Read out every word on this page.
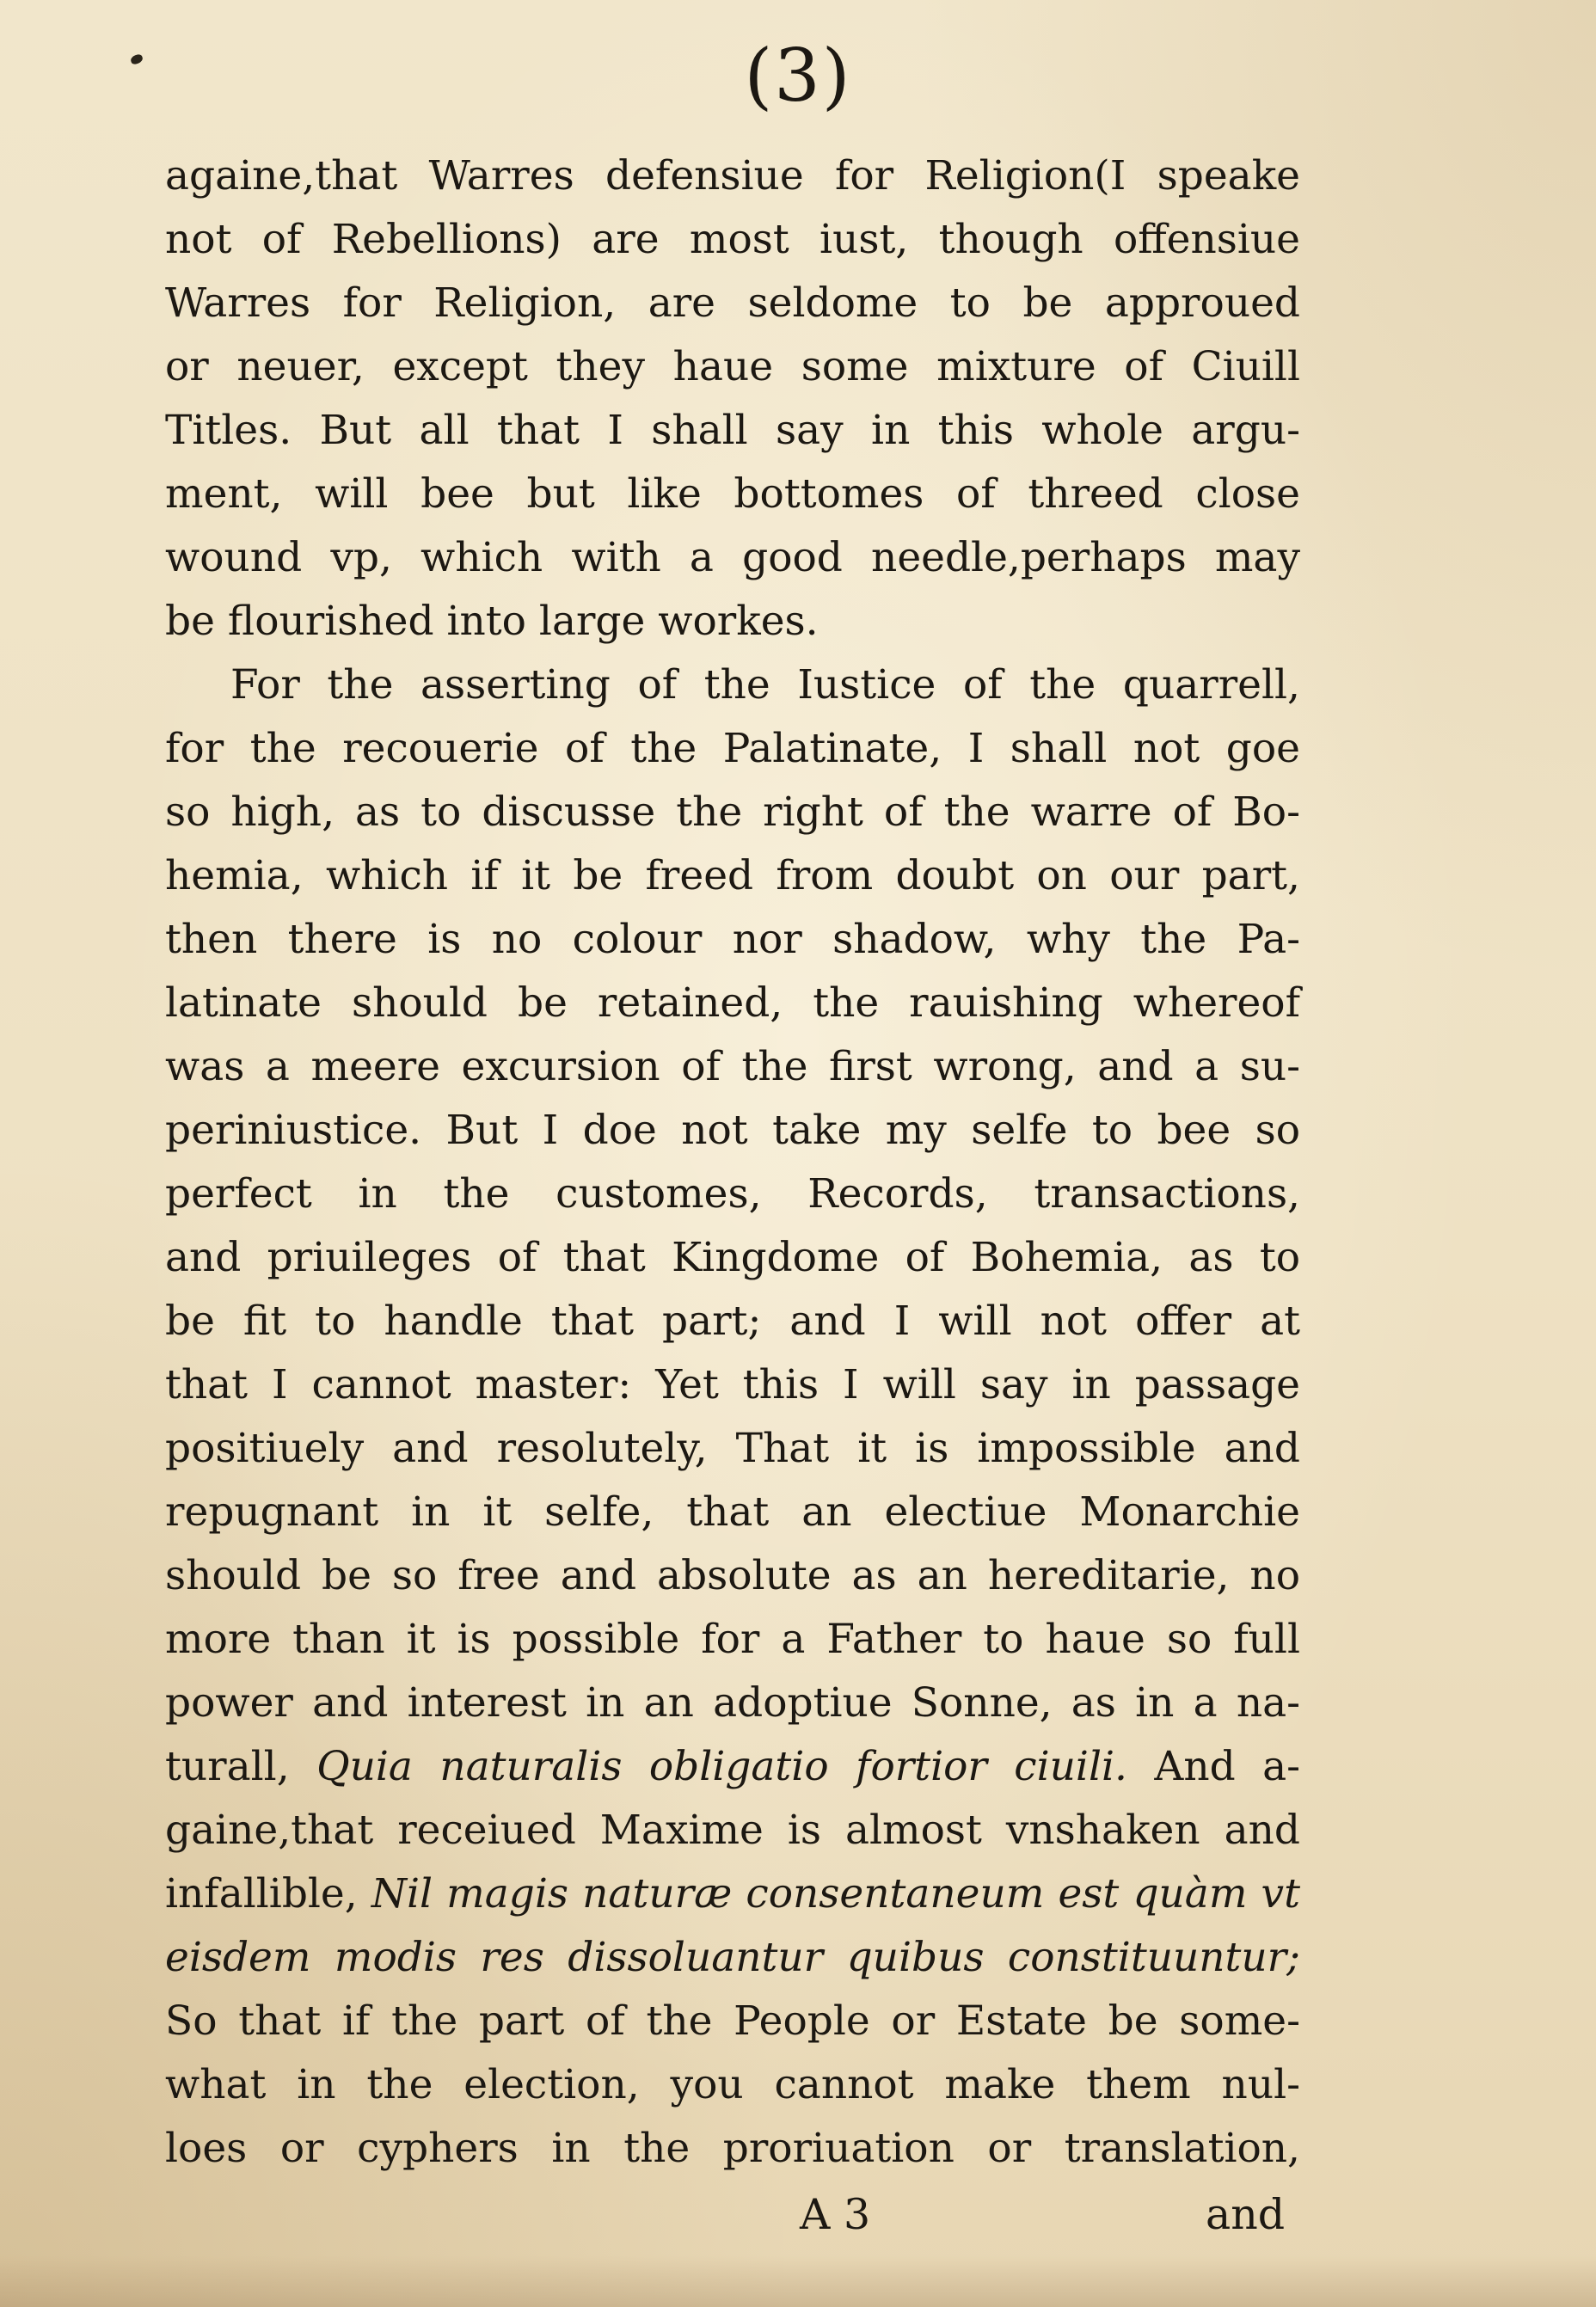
(3)
againe,that Warres defensiue for Religion(I speake
not of Rebellions) are most iust, though offensiue
Warres for Religion, are seldome to be approued
or neuer, except they haue some mixture of Ciuill
Titles. But all that I shall say in this whole argu-
ment, will bee but like bottomes of threed close
wound vp, which with a good needle,perhaps may
be flourished into large workes.
For the asserting of the Iustice of the quarrell,
for the recouerie of the Palatinate, I shall not goe
so high, as to discusse the right of the warre of Bo-
hemia, which if it be freed from doubt on our part,
then there is no colour nor shadow, why the Pa-
latinate should be retained, the rauishing whereof
was a meere excursion of the first wrong, and a su-
periniustice. But I doe not take my selfe to bee so
perfect in the customes, Records, transactions,
and priuileges of that Kingdome of Bohemia, as to
be fit to handle that part; and I will not offer at
that I cannot master: Yet this I will say in passage
positiuely and resolutely, That it is impossible and
repugnant in it selfe, that an electiue Monarchie
should be so free and absolute as an hereditarie, no
more than it is possible for a Father to haue so full
power and interest in an adoptiue Sonne, as in a na-
turall, Quia naturalis obligatio fortior ciuili. And a-
gaine,that receiued Maxime is almost vnshaken and
infallible, Nil magis naturæ consentaneum est quàm vt
eisdem modis res dissoluantur quibus constituuntur;
So that if the part of the People or Estate be some-
what in the election, you cannot make them nul-
loes or cyphers in the proriuation or translation,
A 3	and
